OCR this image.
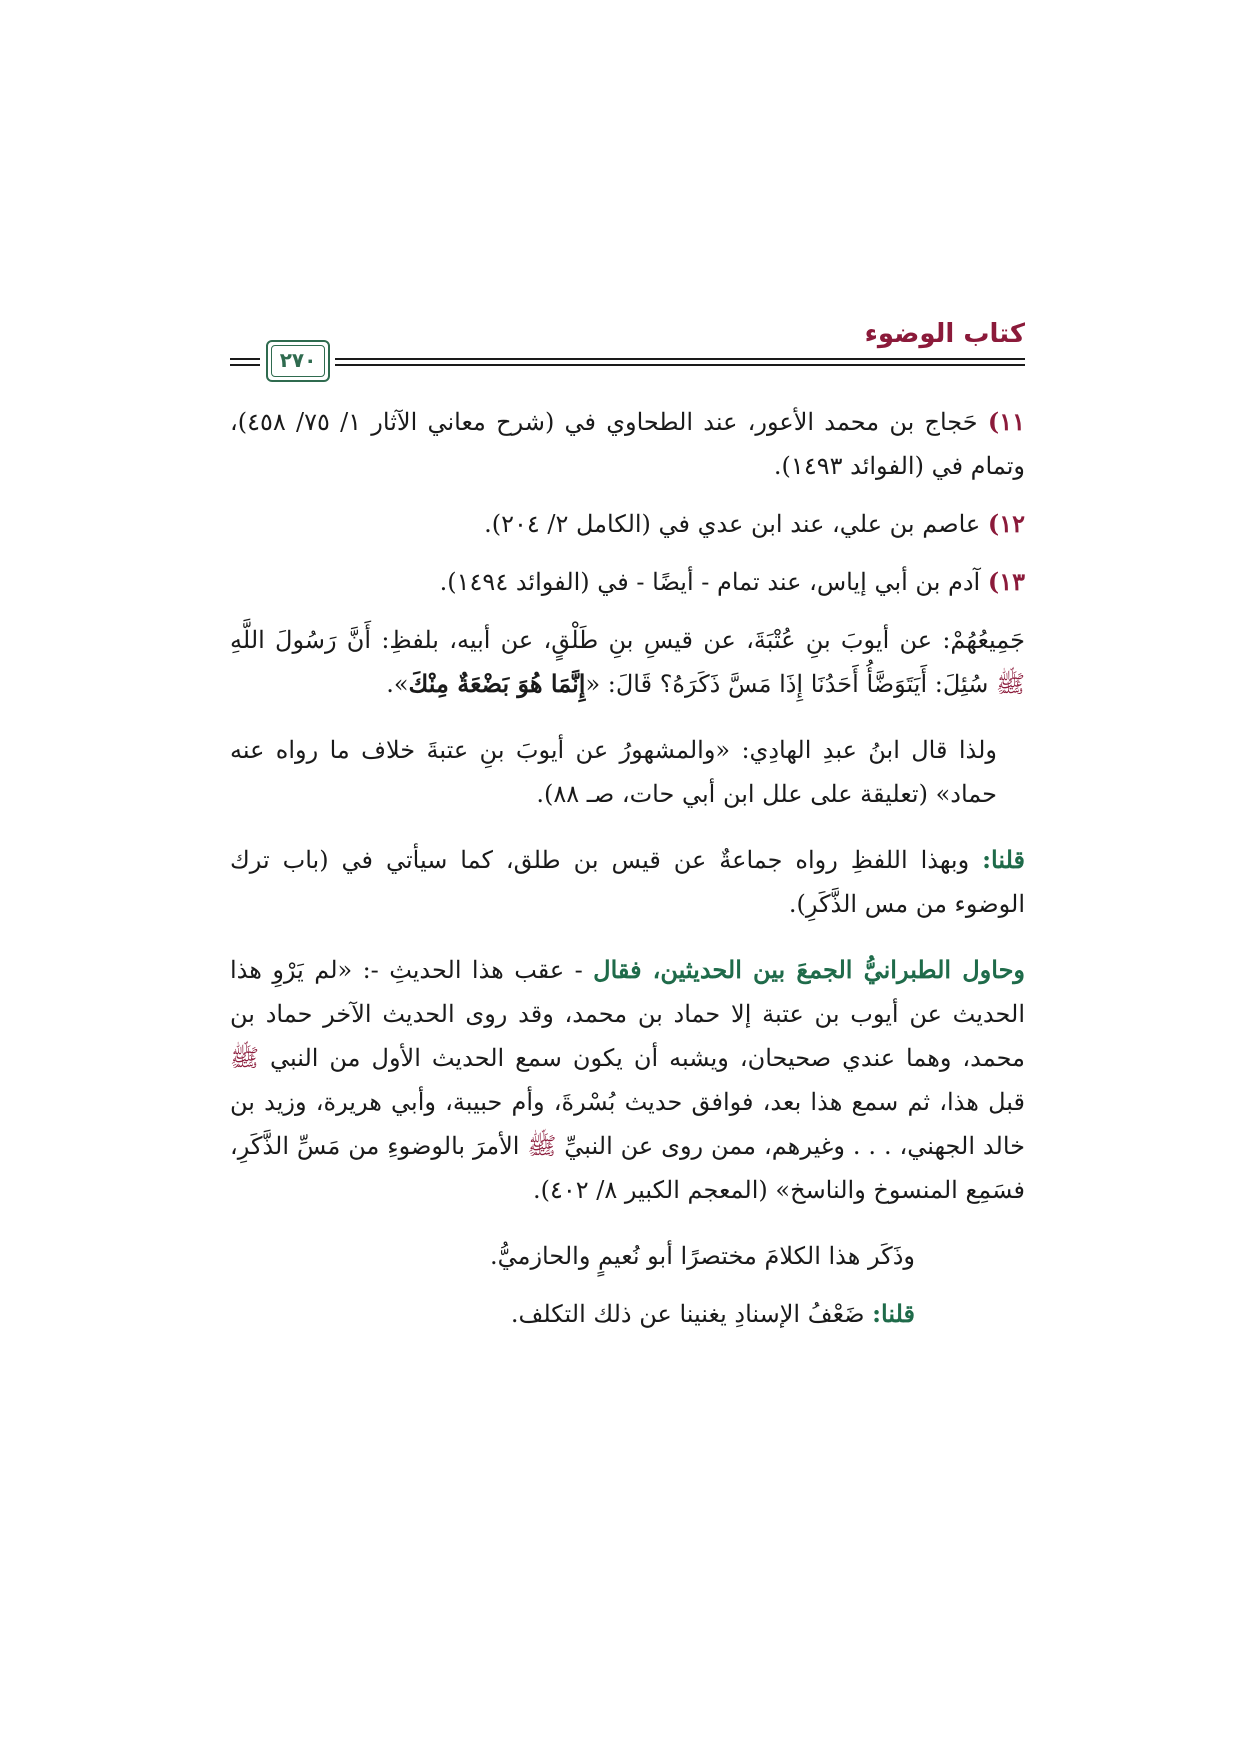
كتاب الوضوء
٢٧٠

١١) حَجاج بن محمد الأعور، عند الطحاوي في (شرح معاني الآثار ١/ ٧٥/ ٤٥٨)، وتمام في (الفوائد ١٤٩٣).

١٢) عاصم بن علي، عند ابن عدي في (الكامل ٢/ ٢٠٤).

١٣) آدم بن أبي إياس، عند تمام - أيضًا - في (الفوائد ١٤٩٤).

جَمِيعُهُمْ: عن أيوبَ بنِ عُتْبَةَ، عن قيسِ بنِ طَلْقٍ، عن أبيه، بلفظِ: أَنَّ رَسُولَ اللَّهِ ﷺ سُئِلَ: أَيَتَوَضَّأُ أَحَدُنَا إِذَا مَسَّ ذَكَرَهُ؟ قَالَ: «إِنَّمَا هُوَ بَضْعَةٌ مِنْكَ».

ولذا قال ابنُ عبدِ الهادِي: «والمشهورُ عن أيوبَ بنِ عتبةَ خلاف ما رواه عنه حماد» (تعليقة على علل ابن أبي حات، صـ ٨٨).

قلنا: وبهذا اللفظِ رواه جماعةٌ عن قيس بن طلق، كما سيأتي في (باب ترك الوضوء من مس الذَّكَرِ).

وحاول الطبرانيُّ الجمعَ بين الحديثين، فقال - عقب هذا الحديثِ -: «لم يَرْوِ هذا الحديث عن أيوب بن عتبة إلا حماد بن محمد، وقد روى الحديث الآخر حماد بن محمد، وهما عندي صحيحان، ويشبه أن يكون سمع الحديث الأول من النبي ﷺ قبل هذا، ثم سمع هذا بعد، فوافق حديث بُسْرةَ، وأم حبيبة، وأبي هريرة، وزيد بن خالد الجهني، . . . وغيرهم، ممن روى عن النبيِّ ﷺ الأمرَ بالوضوءِ من مَسِّ الذَّكَرِ، فسَمِع المنسوخ والناسخ» (المعجم الكبير ٨/ ٤٠٢).

وذَكَر هذا الكلامَ مختصرًا أبو نُعيمٍ والحازميُّ.

قلنا: ضَعْفُ الإسنادِ يغنينا عن ذلك التكلف.
